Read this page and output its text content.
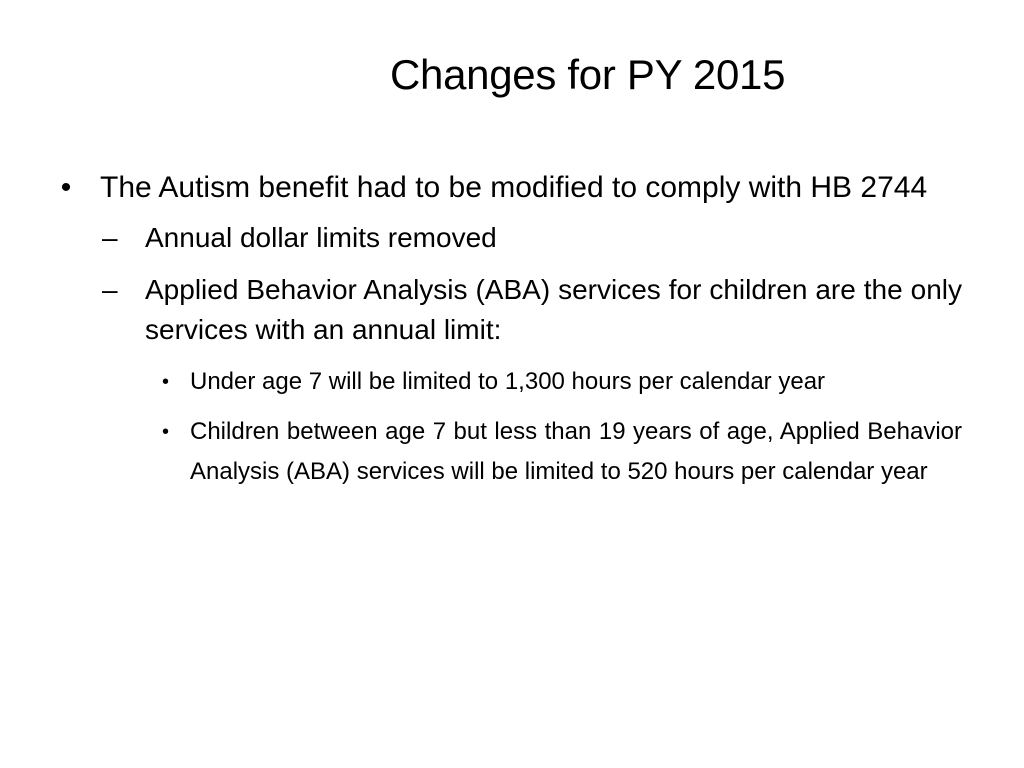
Changes for PY 2015
• The Autism benefit had to be modified to comply with HB 2744
– Annual dollar limits removed
– Applied Behavior Analysis (ABA) services for children are the only services with an annual limit:
• Under age 7 will be limited to 1,300 hours per calendar year
• Children between age 7 but less than 19 years of age, Applied Behavior Analysis (ABA) services will be limited to 520 hours per calendar year
